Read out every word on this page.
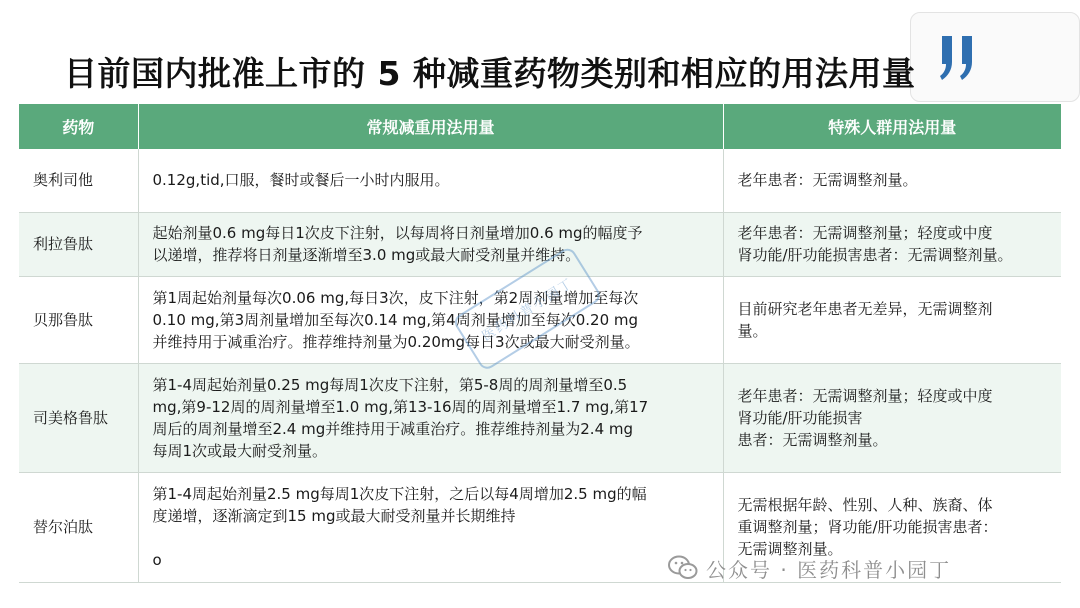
目前国内批准上市的 5 种减重药物类别和相应的用法用量
药物	常规减重用法用量	特殊人群用法用量
奥利司他	0.12g,tid,口服，餐时或餐后一小时内服用。	老年患者：无需调整剂量。

利拉鲁肽	起始剂量0.6 mg每日1次皮下注射，以每周将日剂量增加0.6 mg的幅度予
以递增，推荐将日剂量逐渐增至3.0 mg或最大耐受剂量并维持。	老年患者：无需调整剂量；轻度或中度
肾功能/肝功能损害患者：无需调整剂量。

贝那鲁肽	第1周起始剂量每次0.06 mg,每日3次，皮下注射，第2周剂量增加至每次
0.10 mg,第3周剂量增加至每次0.14 mg,第4周剂量增加至每次0.20 mg
并维持用于减重治疗。推荐维持剂量为0.20mg每日3次或最大耐受剂量。	目前研究老年患者无差异，无需调整剂
量。

司美格鲁肽	第1-4周起始剂量0.25 mg每周1次皮下注射，第5-8周的周剂量增至0.5
mg,第9-12周的周剂量增至1.0 mg,第13-16周的周剂量增至1.7 mg,第17
周后的周剂量增至2.4 mg并维持用于减重治疗。推荐维持剂量为2.4 mg
每周1次或最大耐受剂量。	老年患者：无需调整剂量；轻度或中度
肾功能/肝功能损害
患者：无需调整剂量。

替尔泊肽	第1-4周起始剂量2.5 mg每周1次皮下注射，之后以每4周增加2.5 mg的幅
度递增，逐渐滴定到15 mg或最大耐受剂量并长期维持
o	无需根据年龄、性别、人种、族裔、体
重调整剂量；肾功能/肝功能损害患者：
无需调整剂量。
医药科普小园丁
公众号 · 医药科普小园丁
